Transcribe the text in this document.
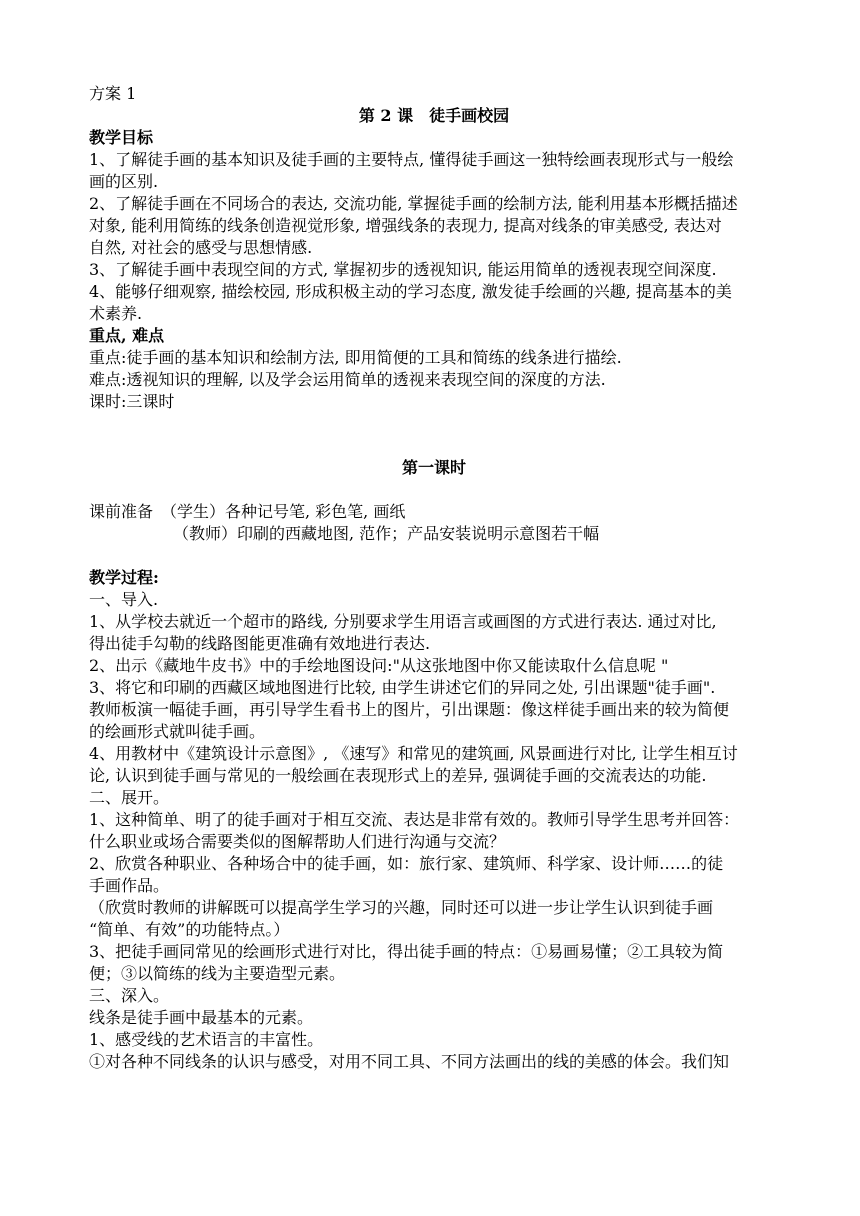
方案 1
第 2 课　徒手画校园
教学目标
1、了解徒手画的基本知识及徒手画的主要特点, 懂得徒手画这一独特绘画表现形式与一般绘
画的区别.
2、了解徒手画在不同场合的表达, 交流功能, 掌握徒手画的绘制方法, 能利用基本形概括描述
对象, 能利用简练的线条创造视觉形象, 增强线条的表现力, 提高对线条的审美感受, 表达对
自然, 对社会的感受与思想情感.
3、了解徒手画中表现空间的方式, 掌握初步的透视知识, 能运用简单的透视表现空间深度.
4、能够仔细观察, 描绘校园, 形成积极主动的学习态度, 激发徒手绘画的兴趣, 提高基本的美
术素养.
重点, 难点
重点:徒手画的基本知识和绘制方法, 即用简便的工具和简练的线条进行描绘.
难点:透视知识的理解, 以及学会运用简单的透视来表现空间的深度的方法.
课时:三课时
第一课时
课前准备　（学生）各种记号笔, 彩色笔, 画纸
（教师）印刷的西藏地图, 范作；产品安装说明示意图若干幅
教学过程:
一、导入.
1、从学校去就近一个超市的路线, 分别要求学生用语言或画图的方式进行表达. 通过对比,
得出徒手勾勒的线路图能更准确有效地进行表达.
2、出示《藏地牛皮书》中的手绘地图设问:"从这张地图中你又能读取什么信息呢 "
3、将它和印刷的西藏区域地图进行比较, 由学生讲述它们的异同之处, 引出课题"徒手画".
教师板演一幅徒手画，再引导学生看书上的图片，引出课题：像这样徒手画出来的较为简便
的绘画形式就叫徒手画。
4、用教材中《建筑设计示意图》, 《速写》和常见的建筑画, 风景画进行对比, 让学生相互讨
论, 认识到徒手画与常见的一般绘画在表现形式上的差异, 强调徒手画的交流表达的功能.
二、展开。
1、这种简单、明了的徒手画对于相互交流、表达是非常有效的。教师引导学生思考并回答：
什么职业或场合需要类似的图解帮助人们进行沟通与交流？
2、欣赏各种职业、各种场合中的徒手画，如：旅行家、建筑师、科学家、设计师……的徒
手画作品。
（欣赏时教师的讲解既可以提高学生学习的兴趣，同时还可以进一步让学生认识到徒手画
“简单、有效”的功能特点。）
3、把徒手画同常见的绘画形式进行对比，得出徒手画的特点：①易画易懂；②工具较为简
便；③以简练的线为主要造型元素。
三、深入。
线条是徒手画中最基本的元素。
1、感受线的艺术语言的丰富性。
①对各种不同线条的认识与感受，对用不同工具、不同方法画出的线的美感的体会。我们知
